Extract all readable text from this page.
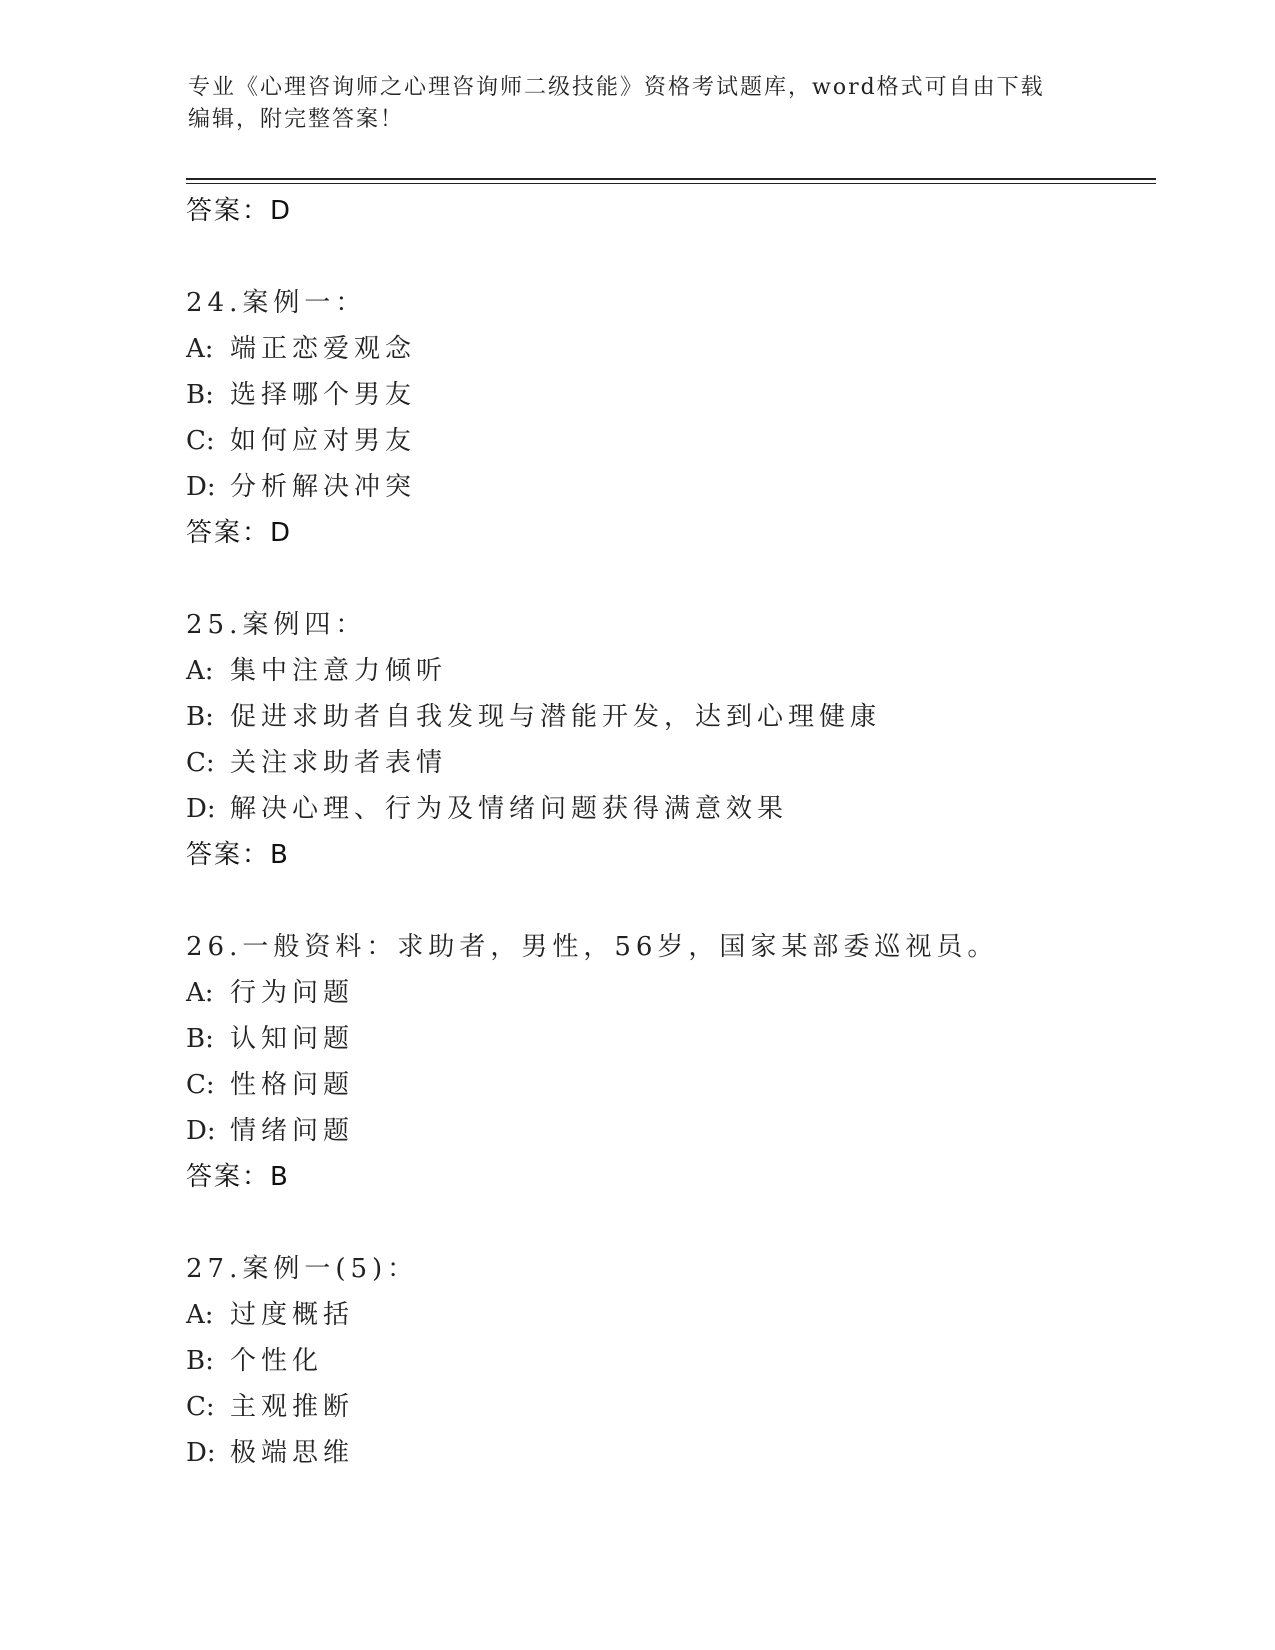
专业《心理咨询师之心理咨询师二级技能》资格考试题库，word格式可自由下载
编辑，附完整答案！
答案：D
24.案例一：
A: 端正恋爱观念
B: 选择哪个男友
C: 如何应对男友
D: 分析解决冲突
答案：D
25.案例四：
A: 集中注意力倾听
B: 促进求助者自我发现与潜能开发，达到心理健康
C: 关注求助者表情
D: 解决心理、行为及情绪问题获得满意效果
答案：B
26.一般资料：求助者，男性，56岁，国家某部委巡视员。
A: 行为问题
B: 认知问题
C: 性格问题
D: 情绪问题
答案：B
27.案例一(5)：
A: 过度概括
B: 个性化
C: 主观推断
D: 极端思维
